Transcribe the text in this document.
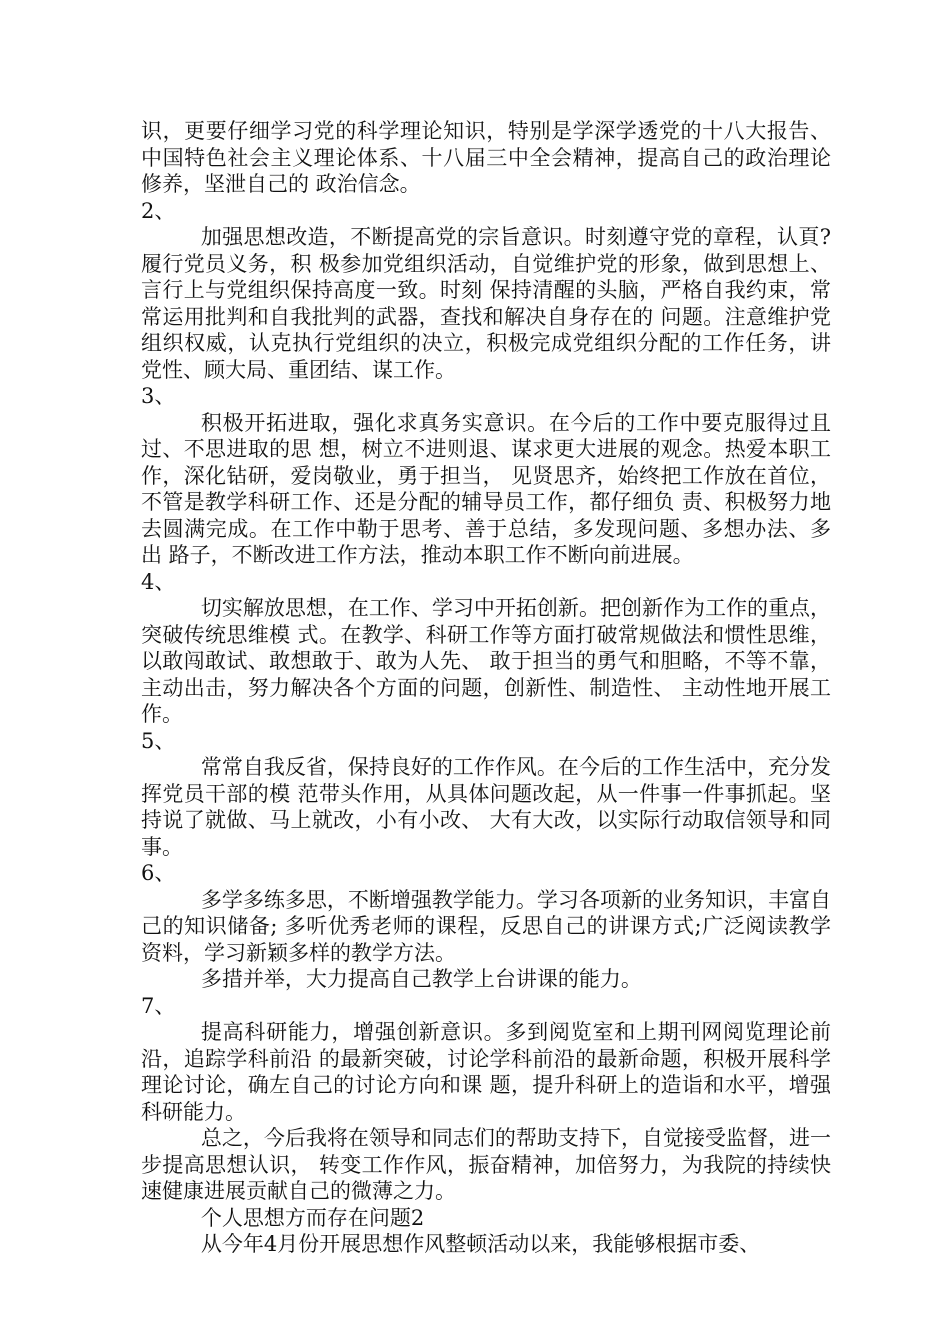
识，更要仔细学习党的科学理论知识，特别是学深学透党的十八大报告、 中国特色社会主义理论体系、十八届三中全会精神，提高自己的政治理论修养，坚泄自己的 政治信念。

2、

加强思想改造，不断提高党的宗旨意识。时刻遵守党的章程，认頁?履行党员义务，积 极参加党组织活动，自觉维护党的形象，做到思想上、言行上与党组织保持高度一致。时刻 保持清醒的头脑，严格自我约束，常常运用批判和自我批判的武器，查找和解决自身存在的 问题。注意维护党组织权威，认克执行党组织的决立，积极完成党组织分配的工作任务，讲 党性、顾大局、重团结、谋工作。

3、

积极开拓进取，强化求真务实意识。在今后的工作中要克服得过且过、不思进取的思 想，树立不进则退、谋求更大进展的观念。热爱本职工作，深化钻研，爱岗敬业，勇于担当， 见贤思齐，始终把工作放在首位，不管是教学科研工作、还是分配的辅导员工作，都仔细负 责、积极努力地去圆满完成。在工作中勒于思考、善于总结，多发现问题、多想办法、多出 路子，不断改进工作方法，推动本职工作不断向前进展。

4、

切实解放思想，在工作、学习中开拓创新。把创新作为工作的重点，突破传统思维模 式。在教学、科研工作等方面打破常规做法和惯性思维，以敢闯敢试、敢想敢于、敢为人先、 敢于担当的勇气和胆略，不等不靠，主动出击，努力解决各个方面的问题，创新性、制造性、 主动性地开展工作。

5、

常常自我反省，保持良好的工作作风。在今后的工作生活中，充分发挥党员干部的模 范带头作用，从具体问题改起，从一件事一件事抓起。坚持说了就做、马上就改，小有小改、 大有大改，以实际行动取信领导和同事。

6、

多学多练多思，不断增强教学能力。学习各项新的业务知识，丰富自己的知识储备; 多听优秀老师的课程，反思自己的讲课方式;广泛阅读教学资料，学习新颖多样的教学方法。

多措并举，大力提高自己教学上台讲课的能力。

7、

提高科研能力，增强创新意识。多到阅览室和上期刊网阅览理论前沿，追踪学科前沿 的最新突破，讨论学科前沿的最新命题，积极开展科学理论讨论，确左自己的讨论方向和课 题，提升科研上的造诣和水平，增强科研能力。

总之，今后我将在领导和同志们的帮助支持下，自觉接受监督，进一步提高思想认识， 转变工作作风，振奋精神，加倍努力，为我院的持续快速健康进展贡献自己的微薄之力。

个人思想方而存在问题2

从今年4月份开展思想作风整顿活动以来，我能够根据市委、
